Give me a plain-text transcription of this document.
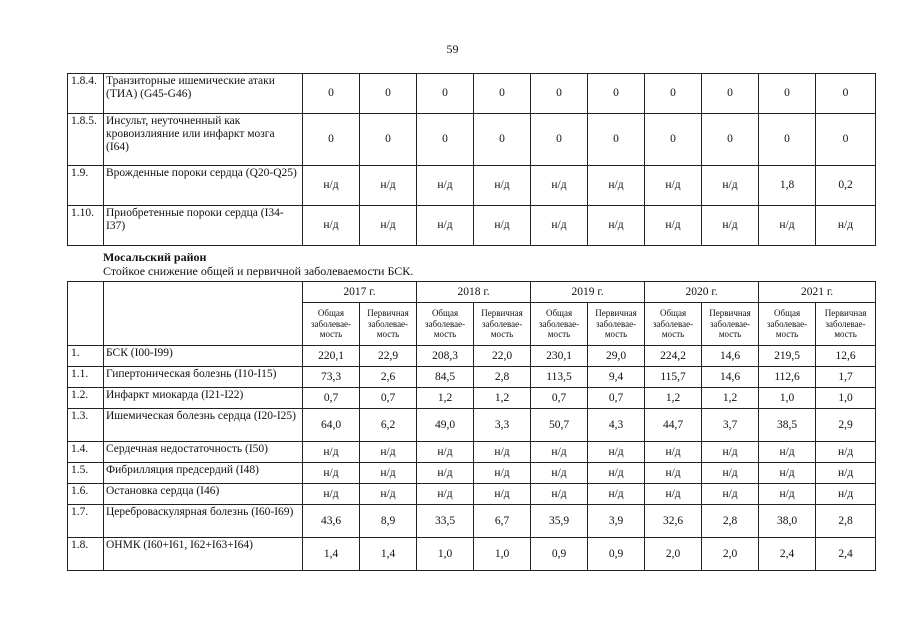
59
1.8.4.	Транзиторные ишемические атаки (ТИА) (G45-G46)	0	0	0	0	0	0	0	0	0	0
1.8.5.	Инсульт, неуточненный как кровоизлияние или инфаркт мозга (I64)	0	0	0	0	0	0	0	0	0	0
1.9.	Врожденные пороки сердца (Q20-Q25)	н/д	н/д	н/д	н/д	н/д	н/д	н/д	н/д	1,8	0,2
1.10.	Приобретенные пороки сердца (I34-I37)	н/д	н/д	н/д	н/д	н/д	н/д	н/д	н/д	н/д	н/д
Мосальский район
Стойкое снижение общей и первичной заболеваемости БСК.
		2017 г.		2018 г.		2019 г.		2020 г.		2021 г.	
		Общая заболевае-мость	Первичная заболевае-мость	Общая заболевае-мость	Первичная заболевае-мость	Общая заболевае-мость	Первичная заболевае-мость	Общая заболевае-мость	Первичная заболевае-мость	Общая заболевае-мость	Первичная заболевае-мость
1.	БСК (I00-I99)	220,1	22,9	208,3	22,0	230,1	29,0	224,2	14,6	219,5	12,6
1.1.	Гипертоническая болезнь (I10-I15)	73,3	2,6	84,5	2,8	113,5	9,4	115,7	14,6	112,6	1,7
1.2.	Инфаркт миокарда (I21-I22)	0,7	0,7	1,2	1,2	0,7	0,7	1,2	1,2	1,0	1,0
1.3.	Ишемическая болезнь сердца (I20-I25)	64,0	6,2	49,0	3,3	50,7	4,3	44,7	3,7	38,5	2,9
1.4.	Сердечная недостаточность (I50)	н/д	н/д	н/д	н/д	н/д	н/д	н/д	н/д	н/д	н/д
1.5.	Фибрилляция предсердий (I48)	н/д	н/д	н/д	н/д	н/д	н/д	н/д	н/д	н/д	н/д
1.6.	Остановка сердца (I46)	н/д	н/д	н/д	н/д	н/д	н/д	н/д	н/д	н/д	н/д
1.7.	Цереброваскулярная болезнь (I60-I69)	43,6	8,9	33,5	6,7	35,9	3,9	32,6	2,8	38,0	2,8
1.8.	ОНМК (I60+I61, I62+I63+I64)	1,4	1,4	1,0	1,0	0,9	0,9	2,0	2,0	2,4	2,4
